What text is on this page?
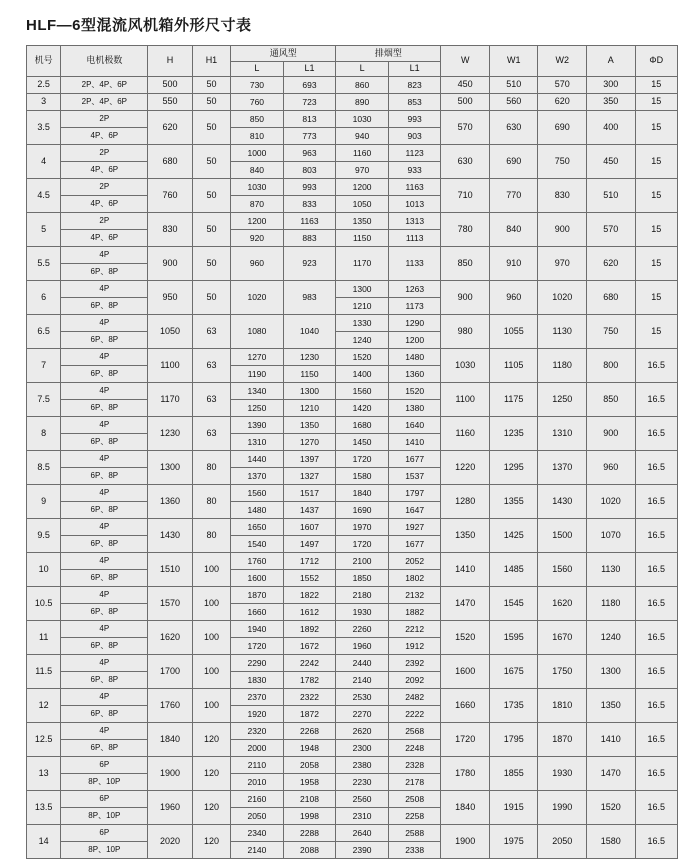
HLF—6型混流风机箱外形尺寸表
机号	电机极数	H	H1	通风型		排烟型		W	W1	W2	A	ΦD
				L	L1	L	L1					
2.5	2P、4P、6P	500	50	730	693	860	823	450	510	570	300	15
3	2P、4P、6P	550	50	760	723	890	853	500	560	620	350	15
3.5	2P	620	50	850	813	1030	993	570	630	690	400	15
	4P、6P			810	773	940	903					
4	2P	680	50	1000	963	1160	1123	630	690	750	450	15
	4P、6P			840	803	970	933					
4.5	2P	760	50	1030	993	1200	1163	710	770	830	510	15
	4P、6P			870	833	1050	1013					
5	2P	830	50	1200	1163	1350	1313	780	840	900	570	15
	4P、6P			920	883	1150	1113					
5.5	4P	900	50	960	923	1170	1133	850	910	970	620	15
	6P、8P											
6	4P	950	50	1020	983	1300	1263	900	960	1020	680	15
	6P、8P					1210	1173					
6.5	4P	1050	63	1080	1040	1330	1290	980	1055	1130	750	15
	6P、8P					1240	1200					
7	4P	1100	63	1270	1230	1520	1480	1030	1105	1180	800	16.5
	6P、8P			1190	1150	1400	1360					
7.5	4P	1170	63	1340	1300	1560	1520	1100	1175	1250	850	16.5
	6P、8P			1250	1210	1420	1380					
8	4P	1230	63	1390	1350	1680	1640	1160	1235	1310	900	16.5
	6P、8P			1310	1270	1450	1410					
8.5	4P	1300	80	1440	1397	1720	1677	1220	1295	1370	960	16.5
	6P、8P			1370	1327	1580	1537					
9	4P	1360	80	1560	1517	1840	1797	1280	1355	1430	1020	16.5
	6P、8P			1480	1437	1690	1647					
9.5	4P	1430	80	1650	1607	1970	1927	1350	1425	1500	1070	16.5
	6P、8P			1540	1497	1720	1677					
10	4P	1510	100	1760	1712	2100	2052	1410	1485	1560	1130	16.5
	6P、8P			1600	1552	1850	1802					
10.5	4P	1570	100	1870	1822	2180	2132	1470	1545	1620	1180	16.5
	6P、8P			1660	1612	1930	1882					
11	4P	1620	100	1940	1892	2260	2212	1520	1595	1670	1240	16.5
	6P、8P			1720	1672	1960	1912					
11.5	4P	1700	100	2290	2242	2440	2392	1600	1675	1750	1300	16.5
	6P、8P			1830	1782	2140	2092					
12	4P	1760	100	2370	2322	2530	2482	1660	1735	1810	1350	16.5
	6P、8P			1920	1872	2270	2222					
12.5	4P	1840	120	2320	2268	2620	2568	1720	1795	1870	1410	16.5
	6P、8P			2000	1948	2300	2248					
13	6P	1900	120	2110	2058	2380	2328	1780	1855	1930	1470	16.5
	8P、10P			2010	1958	2230	2178					
13.5	6P	1960	120	2160	2108	2560	2508	1840	1915	1990	1520	16.5
	8P、10P			2050	1998	2310	2258					
14	6P	2020	120	2340	2288	2640	2588	1900	1975	2050	1580	16.5
	8P、10P			2140	2088	2390	2338					
